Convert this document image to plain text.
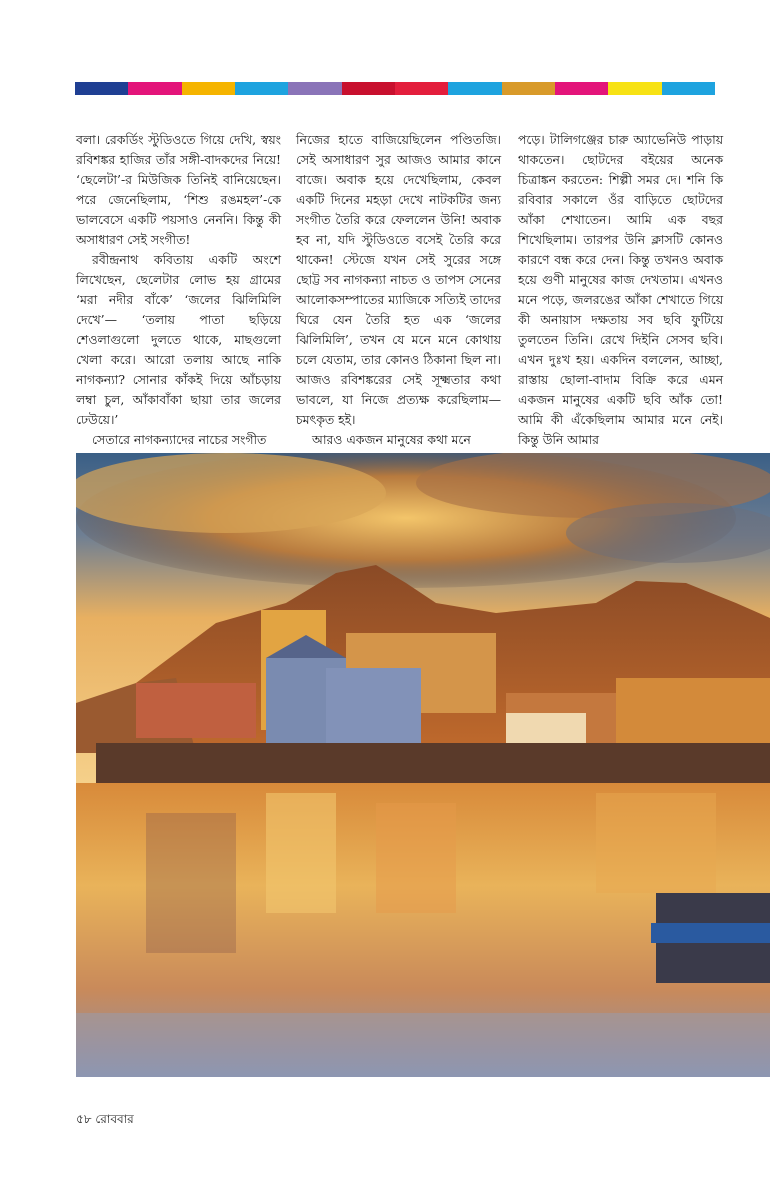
বলা। রেকর্ডিং স্টুডিওতে গিয়ে দেখি, স্বয়ং রবিশঙ্কর হাজির তাঁর সঙ্গী-বাদকদের নিয়ে! ‘ছেলেটা’-র মিউজিক তিনিই বানিয়েছেন। পরে জেনেছিলাম, ‘শিশু রঙমহল’-কে ভালবেসে একটি পয়সাও নেননি। কিন্তু কী অসাধারণ সেই সংগীত!

রবীন্দ্রনাথ কবিতায় একটি অংশে লিখেছেন, ছেলেটার লোভ হয় গ্রামের ‘মরা নদীর বাঁকে’ ‘জলের ঝিলিমিলি দেখে’— ‘তলায় পাতা ছড়িয়ে শেওলাগুলো দুলতে থাকে, মাছগুলো খেলা করে। আরো তলায় আছে নাকি নাগকন্যা? সোনার কাঁকই দিয়ে আঁচড়ায় লম্বা চুল, আঁকাবাঁকা ছায়া তার জলের ঢেউয়ে।’

সেতারে নাগকন্যাদের নাচের সংগীত

নিজের হাতে বাজিয়েছিলেন পণ্ডিতজি। সেই অসাধারণ সুর আজও আমার কানে বাজে। অবাক হয়ে দেখেছিলাম, কেবল একটি দিনের মহড়া দেখে নাটকটির জন্য সংগীত তৈরি করে ফেললেন উনি! অবাক হব না, যদি স্টুডিওতে বসেই তৈরি করে থাকেন! স্টেজে যখন সেই সুরের সঙ্গে ছোট্ট সব নাগকন্যা নাচত ও তাপস সেনের আলোকসম্পাতের ম্যাজিকে সত্যিই তাদের ঘিরে যেন তৈরি হত এক ‘জলের ঝিলিমিলি’, তখন যে মনে মনে কোথায় চলে যেতাম, তার কোনও ঠিকানা ছিল না। আজও রবিশঙ্করের সেই সূক্ষ্মতার কথা ভাবলে, যা নিজে প্রত্যক্ষ করেছিলাম— চমৎকৃত হই।

আরও একজন মানুষের কথা মনে

পড়ে। টালিগঞ্জের চারু অ্যাভেনিউ পাড়ায় থাকতেন। ছোটদের বইয়ের অনেক চিত্রাঙ্কন করতেন: শিল্পী সমর দে। শনি কি রবিবার সকালে ওঁর বাড়িতে ছোটদের আঁকা শেখাতেন। আমি এক বছর শিখেছিলাম। তারপর উনি ক্লাসটি কোনও কারণে বন্ধ করে দেন। কিন্তু তখনও অবাক হয়ে গুণী মানুষের কাজ দেখতাম। এখনও মনে পড়ে, জলরঙের আঁকা শেখাতে গিয়ে কী অনায়াস দক্ষতায় সব ছবি ফুটিয়ে তুলতেন তিনি। রেখে দিইনি সেসব ছবি। এখন দুঃখ হয়। একদিন বললেন, আচ্ছা, রাস্তায় ছোলা-বাদাম বিক্রি করে এমন একজন মানুষের একটি ছবি আঁক তো! আমি কী এঁকেছিলাম আমার মনে নেই। কিন্তু উনি আমার

৫৮ রোববার
